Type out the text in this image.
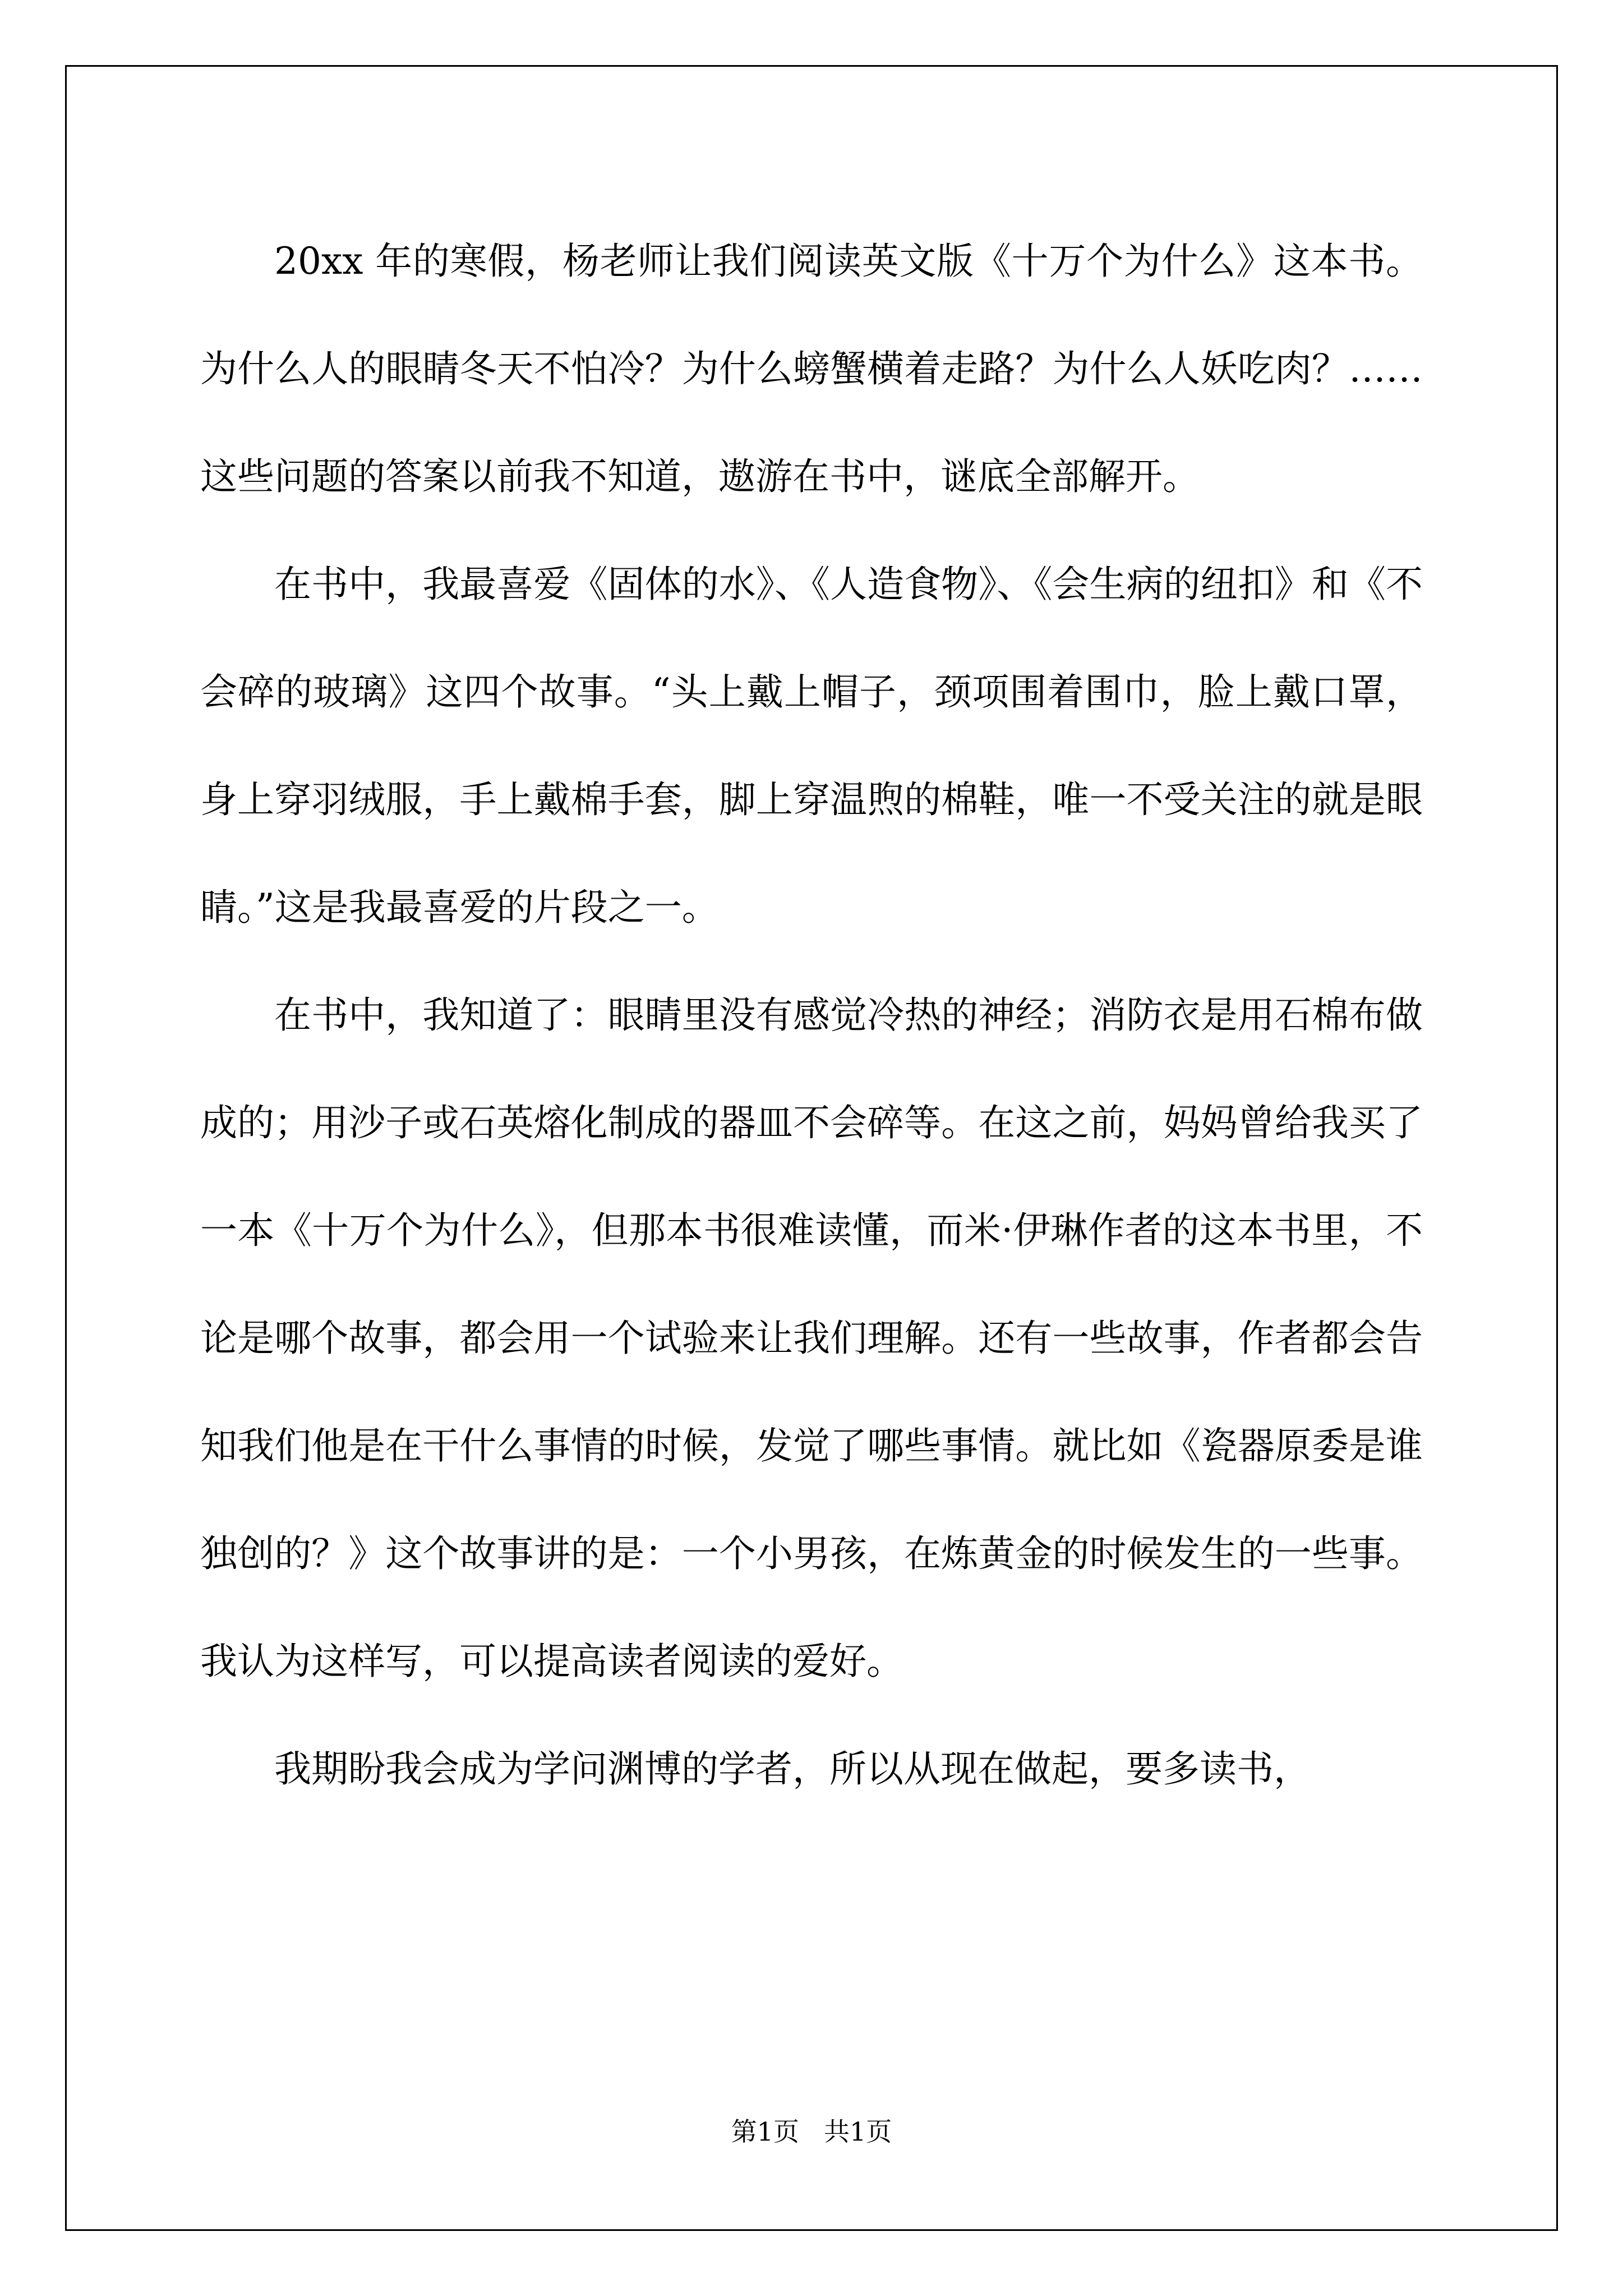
20xx 年的寒假，杨老师让我们阅读英文版《十万个为什么》这本书。为什么人的眼睛冬天不怕冷？为什么螃蟹横着走路？为什么人妖吃肉？……这些问题的答案以前我不知道，遨游在书中，谜底全部解开。

在书中，我最喜爱《固体的水》、《人造食物》、《会生病的纽扣》和《不会碎的玻璃》这四个故事。“头上戴上帽子，颈项围着围巾，脸上戴口罩，身上穿羽绒服，手上戴棉手套，脚上穿温煦的棉鞋，唯一不受关注的就是眼睛。”这是我最喜爱的片段之一。

在书中，我知道了：眼睛里没有感觉冷热的神经；消防衣是用石棉布做成的；用沙子或石英熔化制成的器皿不会碎等。在这之前，妈妈曾给我买了一本《十万个为什么》，但那本书很难读懂，而米·伊琳作者的这本书里，不论是哪个故事，都会用一个试验来让我们理解。还有一些故事，作者都会告知我们他是在干什么事情的时候，发觉了哪些事情。就比如《瓷器原委是谁独创的？》这个故事讲的是：一个小男孩，在炼黄金的时候发生的一些事。我认为这样写，可以提高读者阅读的爱好。

我期盼我会成为学问渊博的学者，所以从现在做起，要多读书，

第1页 共1页
